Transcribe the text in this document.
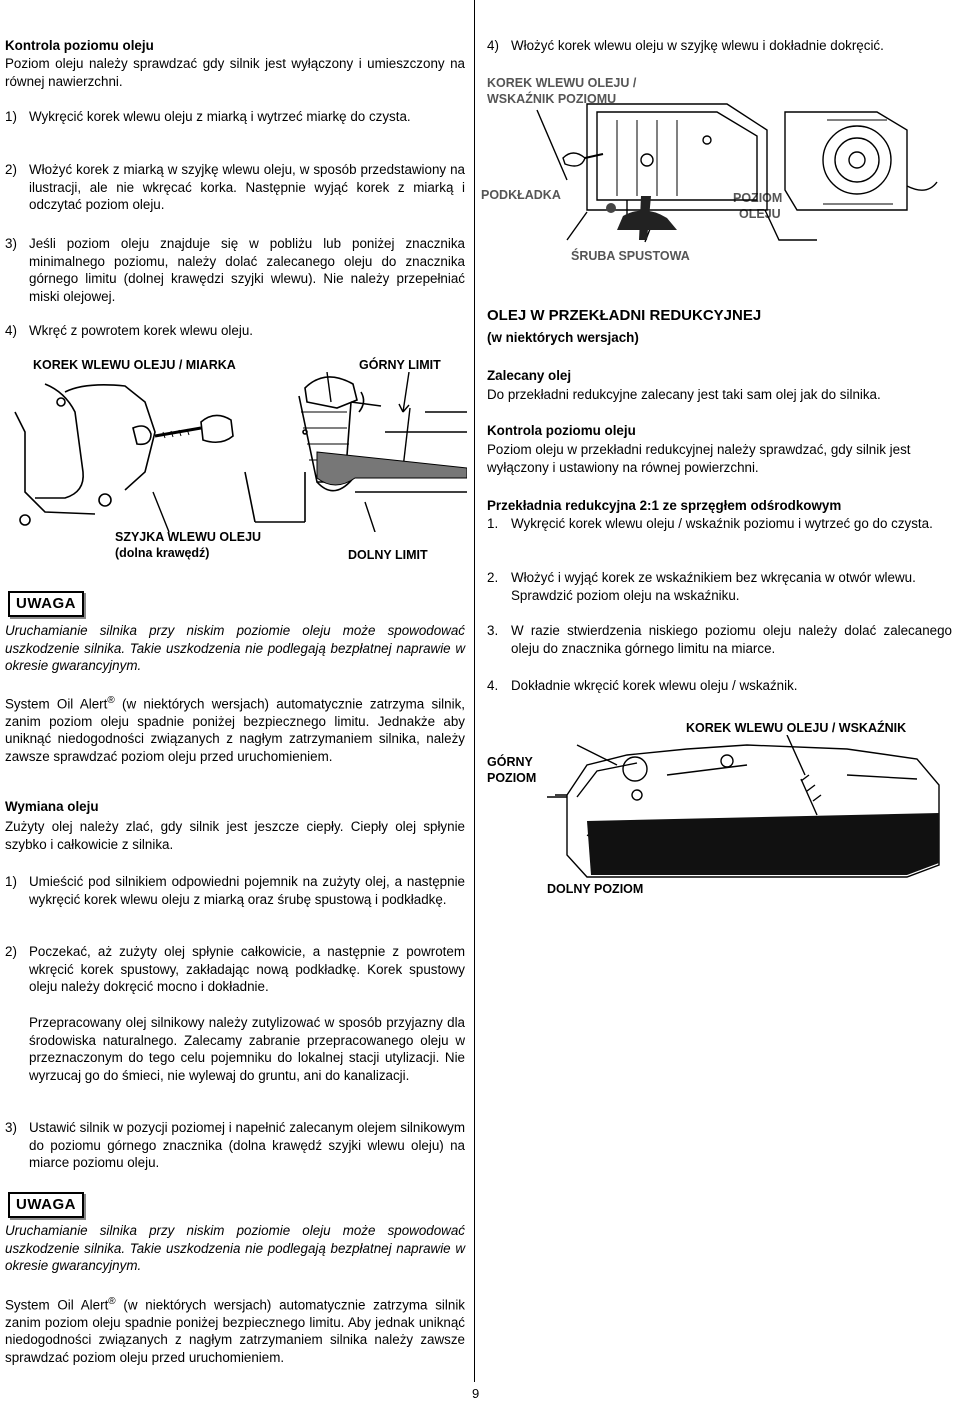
Kontrola poziomu oleju

Poziom oleju należy sprawdzać gdy silnik jest wyłączony i umieszczony na równej nawierzchni.

1) Wykręcić korek wlewu oleju z miarką i wytrzeć miarkę do czysta.
2) Włożyć korek z miarką w szyjkę wlewu oleju, w sposób przedstawiony na ilustracji, ale nie wkręcać korka. Następnie wyjąć korek z miarką i odczytać poziom oleju.
3) Jeśli poziom oleju znajduje się w pobliżu lub poniżej znacznika minimalnego poziomu, należy dolać zalecanego oleju do znacznika górnego limitu (dolnej krawędzi szyjki wlewu). Nie należy przepełniać miski olejowej.
4) Wkręć z powrotem korek wlewu oleju.
KOREK WLEWU OLEJU / MIARKA	GÓRNY LIMIT
SZYJKA WLEWU OLEJU
(dolna krawędź)	DOLNY LIMIT
UWAGA

Uruchamianie silnika przy niskim poziomie oleju może spowodować uszkodzenie silnika. Takie uszkodzenia nie podlegają bezpłatnej naprawie w okresie gwarancyjnym.

System Oil Alert® (w niektórych wersjach) automatycznie zatrzyma silnik, zanim poziom oleju spadnie poniżej bezpiecznego limitu. Jednakże aby uniknąć niedogodności związanych z nagłym zatrzymaniem silnika, należy zawsze sprawdzać poziom oleju przed uruchomieniem.

Wymiana oleju

Zużyty olej należy zlać, gdy silnik jest jeszcze ciepły. Ciepły olej spłynie szybko i całkowicie z silnika.

1) Umieścić pod silnikiem odpowiedni pojemnik na zużyty olej, a następnie wykręcić korek wlewu oleju z miarką oraz śrubę spustową i podkładkę.
2) Poczekać, aż zużyty olej spłynie całkowicie, a następnie z powrotem wkręcić korek spustowy, zakładając nową podkładkę. Korek spustowy oleju należy dokręcić mocno i dokładnie.

Przepracowany olej silnikowy należy zutylizować w sposób przyjazny dla środowiska naturalnego. Zalecamy zabranie przepracowanego oleju w przeznaczonym do tego celu pojemniku do lokalnej stacji utylizacji. Nie wyrzucaj go do śmieci, nie wylewaj do gruntu, ani do kanalizacji.

3) Ustawić silnik w pozycji poziomej i napełnić zalecanym olejem silnikowym do poziomu górnego znacznika (dolna krawędź szyjki wlewu oleju) na miarce poziomu oleju.
UWAGA

Uruchamianie silnika przy niskim poziomie oleju może spowodować uszkodzenie silnika. Takie uszkodzenia nie podlegają bezpłatnej naprawie w okresie gwarancyjnym.

System Oil Alert® (w niektórych wersjach) automatycznie zatrzyma silnik zanim poziom oleju spadnie poniżej bezpiecznego limitu. Aby jednak uniknąć niedogodności związanych z nagłym zatrzymaniem silnika należy zawsze sprawdzać poziom oleju przed uruchomieniem.

4) Włożyć korek wlewu oleju w szyjkę wlewu i dokładnie dokręcić.
KOREK WLEWU OLEJU /
WSKAŹNIK POZIOMU
PODKŁADKA	POZIOM
OLEJU
ŚRUBA SPUSTOWA

OLEJ W PRZEKŁADNI REDUKCYJNEJ

(w niektórych wersjach)

Zalecany olej

Do przekładni redukcyjne zalecany jest taki sam olej jak do silnika.

Kontrola poziomu oleju

Poziom oleju w przekładni redukcyjnej należy sprawdzać, gdy silnik jest wyłączony i ustawiony na równej powierzchni.

Przekładnia redukcyjna 2:1 ze sprzęgłem odśrodkowym

1. Wykręcić korek wlewu oleju / wskaźnik poziomu i wytrzeć go do czysta.
2. Włożyć i wyjąć korek ze wskaźnikiem bez wkręcania w otwór wlewu. Sprawdzić poziom oleju na wskaźniku.
3. W razie stwierdzenia niskiego poziomu oleju należy dolać zalecanego oleju do znacznika górnego limitu na miarce.
4. Dokładnie wkręcić korek wlewu oleju / wskaźnik.
KOREK WLEWU OLEJU / WSKAŹNIK
GÓRNY
POZIOM
DOLNY POZIOM
9
